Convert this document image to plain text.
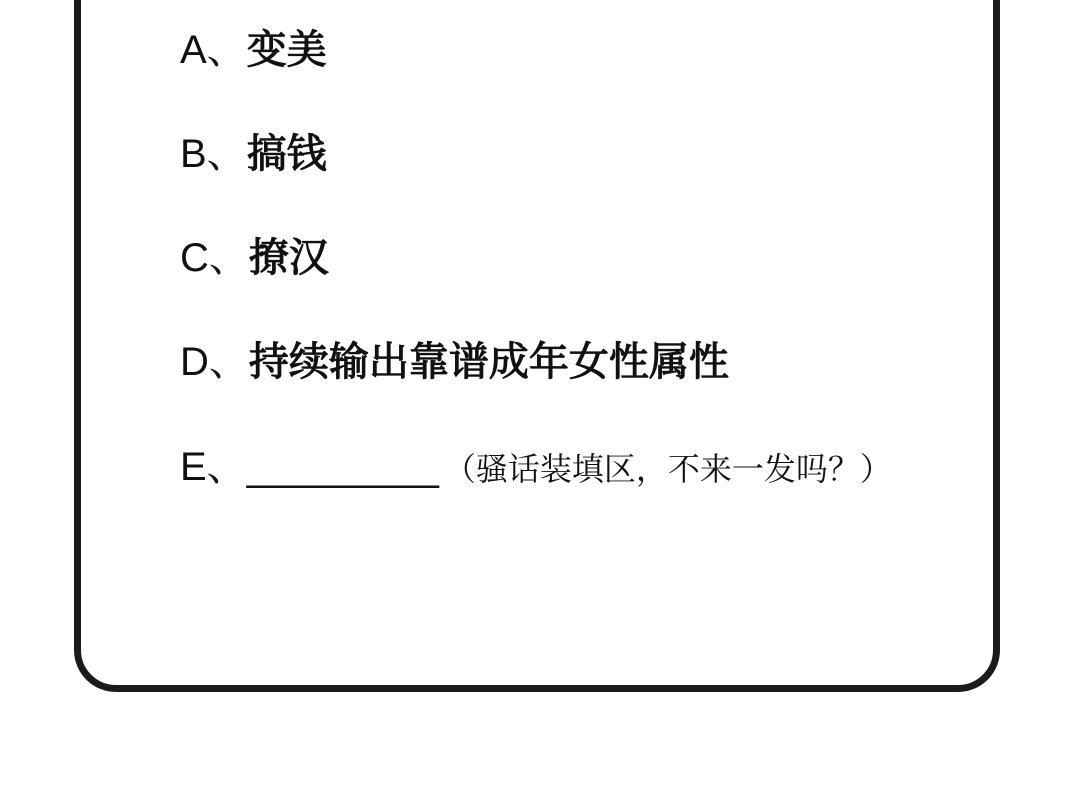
A、 变美
B、 搞钱
C、 撩汉
D、 持续输出靠谱成年女性属性
E、 _________ （骚话装填区，不来一发吗？）
